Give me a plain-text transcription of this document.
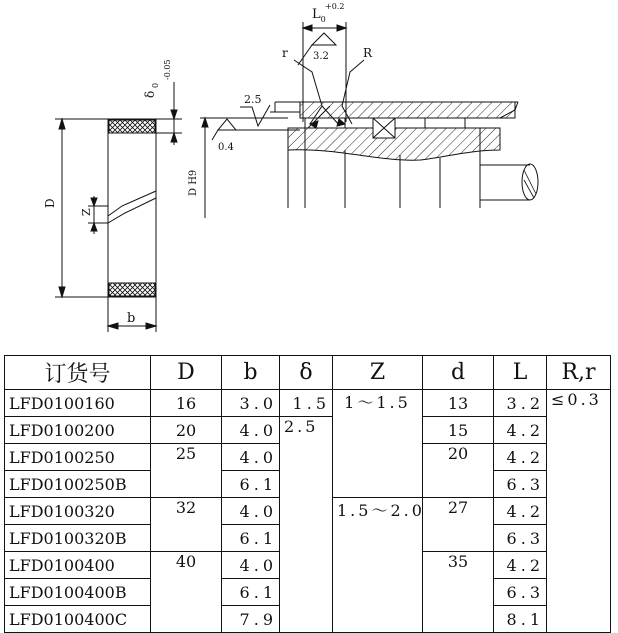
D
b
Z
δ
0
-0.05
$L_0$
+0.2
3.2
r	R
2.5
0.4
D H9
订货号	D	b	δ	Z	d	L	R,r
LFD0100160	16	3.0	1.5	1～1.5	13	3.2	≤0.3
LFD0100200	20	4.0	2.5		15	4.2	
LFD0100250	25	4.0			20	4.2	
LFD0100250B		6.1				6.3	
LFD0100320	32	4.0		1.5～2.0	27	4.2	
LFD0100320B		6.1				6.3	
LFD0100400	40	4.0			35	4.2	
LFD0100400B		6.1				6.3	
LFD0100400C		7.9				8.1	
